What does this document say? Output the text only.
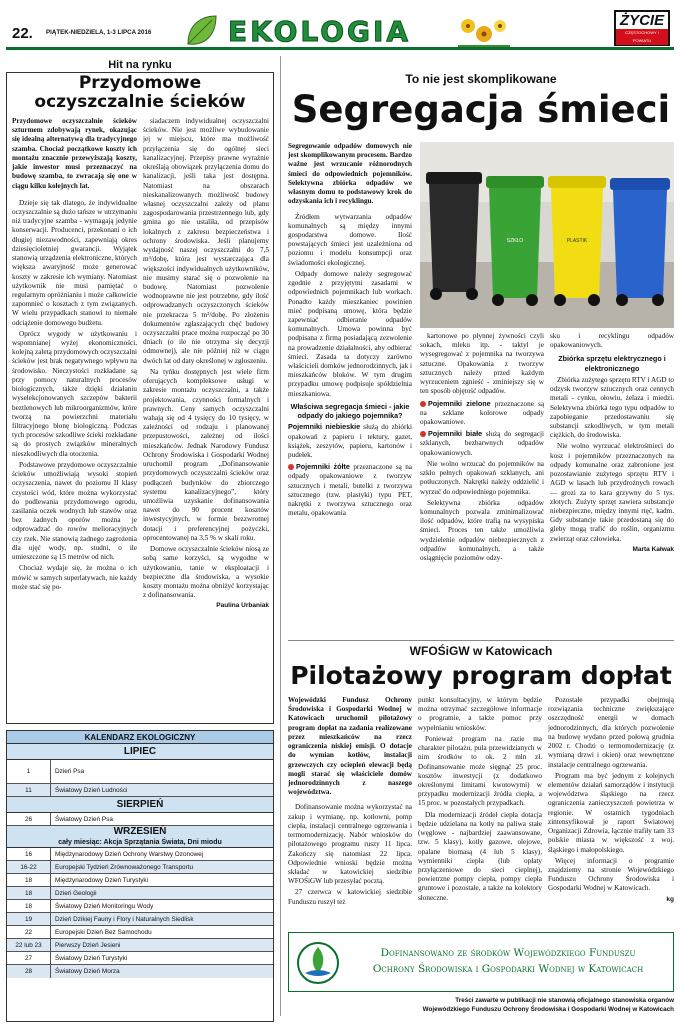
22. PIĄTEK-NIEDZIELA, 1-3 LIPCA 2016	EKOLOGIA	ŻYCIE
CZĘSTOCHOWY I POWIATU
Hit na rynku
Przydomowe oczyszczalnie ścieków

Przydomowe oczyszczalnie ścieków szturmem zdobywają rynek, okazując się idealną alternatywą dla tradycyjnego szamba. Chociaż początkowe koszty ich montażu znacznie przewyższają koszty, jakie inwestor musi przeznaczyć na budowę szamba, to zwracają się one w ciągu kilku kolejnych lat.

Dzieje się tak dlatego, że indywidualne oczyszczalnie są dużo tańsze w utrzymaniu niż tradycyjne szamba - wymagają jedynie konserwacji. Producenci, przekonani o ich długiej niezawodności, zapewniają okres dziesięcioletniej gwarancji. Wyjątek stanowią urządzenia elektroniczne, których większa awaryjność może generować koszty w zakresie ich wymiany. Natomiast użytkownik nie musi pamiętać o regularnym opróżnianiu i może całkowicie zapomnieć o kosztach z tym związanych. W wielu przypadkach stanowi to niemałe odciążenie domowego budżetu.

Oprócz wygody w użytkowaniu i wspomnianej wyżej ekonomiczności, kolejną zaletą przydomowych oczyszczalni ścieków jest brak negatywnego wpływu na środowisko. Nieczystości rozkładane są przy pomocy naturalnych procesów biologicznych, także dzięki działaniu wyselekcjonowanych szczepów bakterii beztlenowych lub mikroorganizmów, które tworzą na powierzchni materiału filtracyjnego błonę biologiczną. Podczas tych procesów szkodliwe ścieki rozkładane są do prostych związków mineralnych nieszkodliwych dla otoczenia.

Podstawowe przydomowe oczyszczalnie ścieków umożliwiają wysoki stopień oczyszczenia, nawet do poziomu II klasy czystości wód, które można wykorzystać do podlewania przydomowego ogrodu, zasilania oczek wodnych lub stawów oraz bez żadnych oporów można je odprowadzać do rowów melioracyjnych czy rzek. Nie stanowią żadnego zagrożenia dla ujęć wody, np. studni, o ile umieszczone są 15 metrów od nich.

Chociaż wydaje się, że można o ich mówić w samych superlatywach, nie każdy może stać się po-

siadaczem indywidualnej oczyszczalni ścieków. Nie jest możliwe wybudowanie jej w miejscu, które ma możliwość przyłączenia się do ogólnej sieci kanalizacyjnej. Przepisy prawne wyraźnie określają obowiązek przyłączenia domu do kanalizacji, jeśli taka jest dostępna. Natomiast na obszarach nieskanalizowanych możliwość budowy własnej oczyszczalni zależy od planu zagospodarowania przestrzennego lub, gdy gmina go nie ustaliła, od przepisów lokalnych z zakresu bezpieczeństwa i ochrony środowiska. Jeśli planujemy wydajność naszej oczyszczalni do 7,5 m³/dobę, która jest wystarczająca dla większości indywidualnych użytkowników, nie musimy starać się o pozwolenie na budowę. Natomiast pozwolenie wodnoprawne nie jest potrzebne, gdy ilość odprowadzanych oczyszczonych ścieków nie przekracza 5 m³/dobę. Po złożeniu dokumentów zgłaszających chęć budowy oczyszczalni prace można rozpocząć po 30 dniach (o ile nie otrzyma się decyzji odmownej), ale nie później niż w ciągu dwóch lat od daty określonej w zgłoszeniu.

Na tyńku dostępnych jest wiele firm oferujących kompleksowe usługi w zakresie montażu oczyszczalni, a także projektowania, czynności formalnych i prawnych. Ceny samych oczyszczalni wahają się od 4 tysięcy do 10 tysięcy, w zależności od rodzaju i planowanej przepustowości, zależnej od ilości mieszkańców. Jednak Narodowy Fundusz Ochrony Środowiska i Gospodarki Wodnej uruchomił program „Dofinansowanie przydomowych oczyszczalni ścieków oraz podłączeń budynków do zbiorczego systemu kanalizacyjnego”, który umożliwia uzyskanie dofinansowania nawet do 90 procent kosztów inwestycyjnych, w formie bezzwrotnej dotacji i preferencyjnej pożyczki, oprocentowanej na 3,5 % w skali roku.

Domowe oczyszczalnie ścieków niosą ze sobą same korzyści, są wygodne w użytkowaniu, tanie w eksploatacji i bezpieczne dla środowiska, a wysokie koszty montażu można obniżyć korzystając z dofinansowania.

Paulina Urbaniak
KALENDARZ EKOLOGICZNY
LIPIEC
1	Dzień Psa
11	Światowy Dzień Ludności
SIERPIEŃ
26	Światowy Dzień Psa
WRZESIEŃ
cały miesiąc: Akcja Sprzątania Świata, Dni miodu
16	Międzynarodowy Dzień Ochrony Warstwy Ozonowej
16-22	Europejski Tydzień Zrównoważonego Transportu
18	Międzynarodowy Dzień Turystyki
18	Dzień Geologii
18	Światowy Dzień Monitoringu Wody
19	Dzień Dzikiej Fauny i Flory i Naturalnych Siedlisk
22	Europejski Dzień Bez Samochodu
22 lub 23	Pierwszy Dzień Jesieni
27	Światowy Dzień Turystyki
28	Światowy Dzień Morza
To nie jest skomplikowane
Segregacja śmieci

Segregowanie odpadów domowych nie jest skomplikowanym procesem. Bardzo ważne jest wrzucanie różnorodnych śmieci do odpowiednich pojemników. Selektywna zbiórka odpadów we własnym domu to podstawowy krok do odzyskania ich i recyklingu.

Źródłem wytwarzania odpadów komunalnych są między innymi gospodarstwa domowe. Ilość powstających śmieci jest uzależniona od poziomu i modelu konsumpcji oraz świadomości ekologicznej.

Odpady domowe należy segregować zgodnie z przyjętymi zasadami w odpowiednich pojemnikach lub workach. Ponadto każdy mieszkaniec powinien mieć podpisaną umowę, która będzie zapewniać odbieranie odpadów komunalnych. Umowa powinna być podpisana z firmą posiadającą zezwolenie na prowadzenie działalności, aby odbierać śmieci. Zasada ta dotyczy zarówno właścicieli domków jednorodzinnych, jak i mieszkańców bloków. W tym drugim przypadku umowę podpisuje spółdzielnia mieszkaniowa.

Właściwa segregacja śmieci - jakie odpady do jakiego pojemnika?

Pojemniki niebieskie służą do zbiórki opakowań z papieru i tektury, gazet, książek, zeszytów, papieru, kartonów i pudełek.

Pojemniki żółte przeznaczone są na odpady opakowaniowe z tworzyw sztucznych i metali, butelki z tworzywa sztucznego (tzw. plastyki) typu PET, nakrętki z tworzywa sztucznego oraz metalu, opakowania

SZKŁO	PLASTIK

kartonowe po płynnej żywności czyli sokach, mleku itp. - taktyl je wysegregować z pojemnika na tworzywa sztuczne. Opakowania z tworzyw sztucznych należy przed każdym wyrzuceniem zgnieść - zminiejszy się w ten sposób objętość odpadów.

Pojemniki zielone przeznaczone są na szklane kolorowe odpady opakowaniowe.

Pojemniki białe służą do segregacji szklanych, bezbarwnych odpadów opakowaniowych.

Nie wolno wrzucać do pojemników na szkło pełnych opakowań szklanych, ani potłuczonych. Nakrętki należy oddzielić i wyrzuć do odpowiedniego pojemnika.

Selektywna zbiórka odpadów komunalnych pozwala zminimalizować ilość odpadów, które trafią na wysypiska śmieci. Proces ten także umożliwia wydzielenie odpadów niebezpiecznych z odpadów komunalnych, a także osiągnięcie poziomów odzy-

sku i recyklingu odpadów opakowaniowych.

Zbiórka sprzętu elektrycznego i elektronicznego

Zbiórka zużytego sprzętu RTV i AGD to odzysk tworzyw sztucznych oraz cennych metali - cynku, ołowiu, żelaza i miedzi. Selektywna zbiórka tego typu odpadów to zapobieganie przedostawaniu się substancji szkodliwych, w tym metali ciężkich, do środowiska.

Nie wolno wyrzucać elektrośmieci do kosz i pojemników przeznaczonych na odpady komunalne oraz zabronione jest pozostawianie zużytego sprzętu RTV i AGD w lasach lub przydrożnych rowach — grozi za to kara grzywny do 5 tys. złotych. Zużyty sprzęt zawiera substancje niebezpieczne, między innymi rtęć, kadm. Gdy substancje takie przedostaną się do gleby mogą trafić do roślin, organizmu zwierząt oraz człowieka.

Marta Kałwak
WFOŚiGW w Katowicach
Pilotażowy program dopłat

Wojewódzki Fundusz Ochrony Środowiska i Gospodarki Wodnej w Katowicach uruchomił pilotażowy program dopłat na zadania realizowane przez mieszkańców na rzecz ograniczenia niskiej emisji. O dotacje do wymian kotłów, instalacji grzewczych czy ociepleń elewacji będą mogli starać się właściciele domów jednorodzinnych z naszego województwa.

Dofinansowanie można wykorzystać na zakup i wymianę, np. kotłowni, pomp ciepła, instalacji centralnego ogrzewania i termomodernizację. Nabór wniosków do pilotażowego programu ruszy 11 lipca. Zakończy się natomiast 22 lipca. Odpowiednie wnioski będzie można składać w katowickiej siedzibie WFOŚiGW lub przesyłać pocztą.

27 czerwca w katowickiej siedzibie Funduszu ruszył też

punkt konsultacyjny, w którym będzie można otrzymać szczegółowe informacje o programie, a także pomoc przy wypełnianiu wniosków.

Ponieważ program na razie ma charakter pilotażu, pula przewidzianych w nim środków to ok. 2 mln zł. Dofinansowanie może sięgnąć 25 proc. kosztów inwestycji (z dodatkowo określonymi limitami kwotowymi) w przypadku modernizacji źródła ciepła, a 15 proc. w pozostałych przypadkach.

Dla modernizacji źródeł ciepła dotacja będzie udzielana na kotły na paliwa stałe (węglowe - najbardziej zaawansowane, tzw. 5 klasy), kotły gazowe, olejowe, opalane biomasą (4 lub 5 klasy), wymienniki ciepła (lub opłaty przyłączeniowe do sieci cieplnej), powietrzne pompy ciepła, pompy ciepła gruntowe i pozostałe, a także na kolektory słoneczne.

Pozostałe przypadki obejmują rozwiązania techniczne zwiększające oszczędność energii w domach jednorodzinnych, dla których pozwolenie na budowę wydano przed połową grudnia 2002 r. Chodzi o termomodernizację (z wymianą drzwi i okien) oraz wewnętrzne instalacje centralnego ogrzewania.

Program ma być jednym z kolejnych elementów działań samorządów i instytucji województwa śląskiego na rzecz ograniczenia zanieczyszczeń powietrza w regionie. W ostatnich tygodniach zintensyfikował je raport Światowej Organizacji Zdrowia, łącznie trafiły tam 33 polskie miasta w większość z woj. śląskiego i małopolskiego.

Więcej informacji o programie znajdziemy na stronie Wojewódzkiego Funduszu Ochrony Środowiska i Gospodarki Wodnej w Katowicach.

kg
Dofinansowano ze środków Wojewódzkiego Funduszu
Ochrony Środowiska i Gospodarki Wodnej w Katowicach
Treści zawarte w publikacji nie stanowią oficjalnego stanowiska organów
Wojewódzkiego Funduszu Ochrony Środowiska i Gospodarki Wodnej w Katowicach
